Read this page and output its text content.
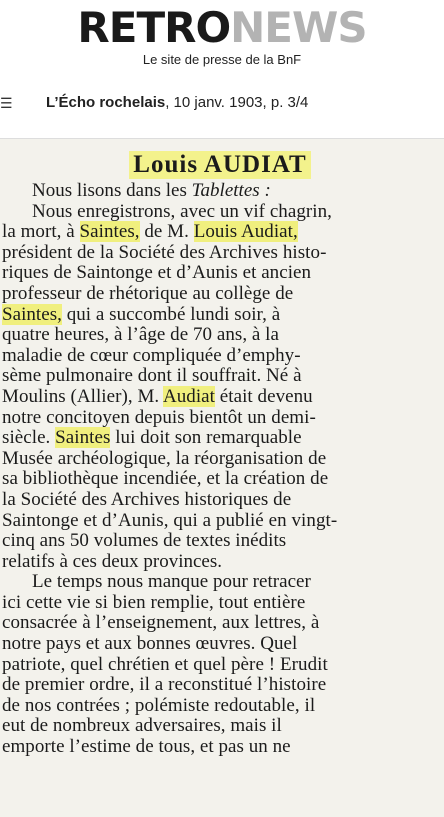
RETRONEWS
Le site de presse de la BnF
☰ L’Écho rochelais, 10 janv. 1903, p. 3/4
Louis AUDIAT
Nous lisons dans les Tablettes :
Nous enregistrons, avec un vif chagrin,
la mort, à Saintes, de M. Louis Audiat,
président de la Société des Archives histo-
riques de Saintonge et d’Aunis et ancien
professeur de rhétorique au collège de
Saintes, qui a succombé lundi soir, à
quatre heures, à l’âge de 70 ans, à la
maladie de cœur compliquée d’emphy-
sème pulmonaire dont il souffrait. Né à
Moulins (Allier), M. Audiat était devenu
notre concitoyen depuis bientôt un demi-
siècle. Saintes lui doit son remarquable
Musée archéologique, la réorganisation de
sa bibliothèque incendiée, et la création de
la Société des Archives historiques de
Saintonge et d’Aunis, qui a publié en vingt-
cinq ans 50 volumes de textes inédits
relatifs à ces deux provinces.
Le temps nous manque pour retracer
ici cette vie si bien remplie, tout entière
consacrée à l’enseignement, aux lettres, à
notre pays et aux bonnes œuvres. Quel
patriote, quel chrétien et quel père ! Erudit
de premier ordre, il a reconstitué l’histoire
de nos contrées ; polémiste redoutable, il
eut de nombreux adversaires, mais il
emporte l’estime de tous, et pas un ne
